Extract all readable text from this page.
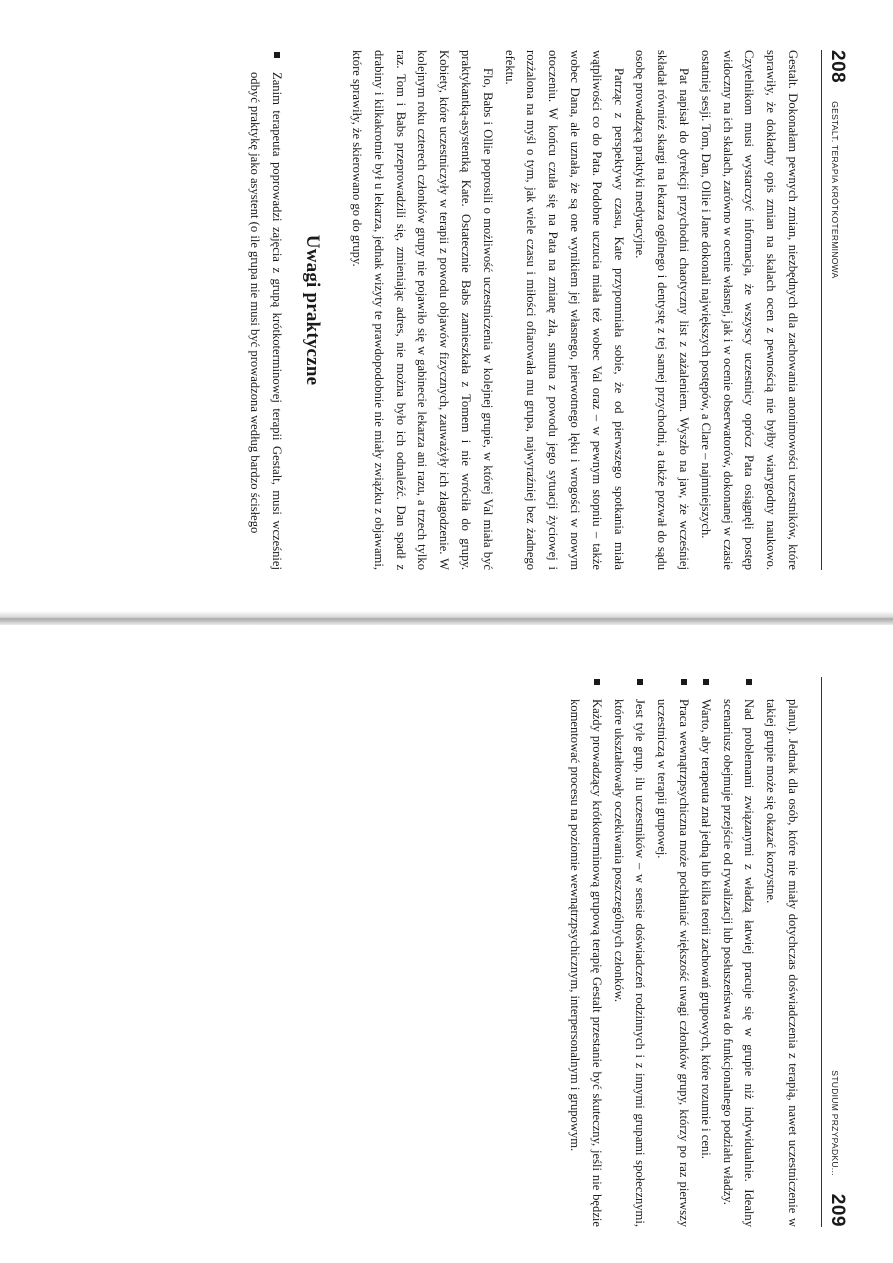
208
GESTALT. TERAPIA KRÓTKOTERMINOWA

Gestalt. Dokonałam pewnych zmian, niezbędnych dla zachowania anonimowości uczestników, które sprawiły, że dokładny opis zmian na skalach ocen z pewnością nie byłby wiarygodny naukowo. Czytelnikom musi wystarczyć informacja, że wszyscy uczestnicy oprócz Pata osiągnęli postęp widoczny na ich skalach, zarówno w ocenie własnej, jak i w ocenie obserwatorów, dokonanej w czasie ostatniej sesji. Tom, Dan, Ollie i Jane dokonali największych postępów, a Clare – najmniejszych.

Pat napisał do dyrekcji przychodni chaotyczny list z zażaleniem. Wyszło na jaw, że wcześniej składał również skargi na lekarza ogólnego i dentystę z tej samej przychodni, a także pozwał do sądu osobę prowadzącą praktyki medytacyjne.

Patrząc z perspektywy czasu, Kate przypomniała sobie, że od pierwszego spotkania miała wątpliwości co do Pata. Podobne uczucia miała też wobec Val oraz – w pewnym stopniu – także wobec Dana, ale uznała, że są one wynikiem jej własnego, pierwotnego lęku i wrogości w nowym otoczeniu. W końcu czuła się na Pata na zmianę zła, smutna z powodu jego sytuacji życiowej i rozżalona na myśl o tym, jak wiele czasu i miłości ofiarowała mu grupa, najwyraźniej bez żadnego efektu.

Flo, Babs i Ollie poprosili o możliwość uczestniczenia w kolejnej grupie, w której Val miała być praktykantką-asystentką Kate. Ostatecznie Babs zamieszkała z Tomem i nie wróciła do grupy. Kobiety, które uczestniczyły w terapii z powodu objawów fizycznych, zauważyły ich złagodzenie. W kolejnym roku czterech członków grupy nie pojawiło się w gabinecie lekarza ani razu, a trzech tylko raz. Tom i Babs przeprowadzili się, zmieniając adres, nie można było ich odnaleźć. Dan spadł z drabiny i kilkakrotnie był u lekarza, jednak wizyty te prawdopodobnie nie miały związku z objawami, które sprawiły, że skierowano go do grupy.

Uwagi praktyczne
Zanim terapeuta poprowadzi zajęcia z grupą krótkoterminowej terapii Gestalt, musi wcześniej odbyć praktykę jako asystent (o ile grupa nie musi być prowadzona według bardzo ścisłego
STUDIUM PRZYPADKU...
209
planu). Jednak dla osób, które nie miały dotychczas doświadczenia z terapią, nawet uczestniczenie w takiej grupie może się okazać korzystne.
Nad problemami związanymi z władzą łatwiej pracuje się w grupie niż indywidualnie. Idealny scenariusz obejmuje przejście od rywalizacji lub posłuszeństwa do funkcjonalnego podziału władzy.
Warto, aby terapeuta znał jedną lub kilka teorii zachowań grupowych, które rozumie i ceni.
Praca wewnątrzpsychiczna może pochłaniać większość uwagi członków grupy, którzy po raz pierwszy uczestniczą w terapii grupowej.
Jest tyle grup, ilu uczestników – w sensie doświadczeń rodzinnych i z innymi grupami społecznymi, które ukształtowały oczekiwania poszczególnych członków.
Każdy prowadzący krótkoterminową grupową terapię Gestalt przestanie być skuteczny, jeśli nie będzie komentować procesu na poziomie wewnątrzpsychicznym, interpersonalnym i grupowym.
